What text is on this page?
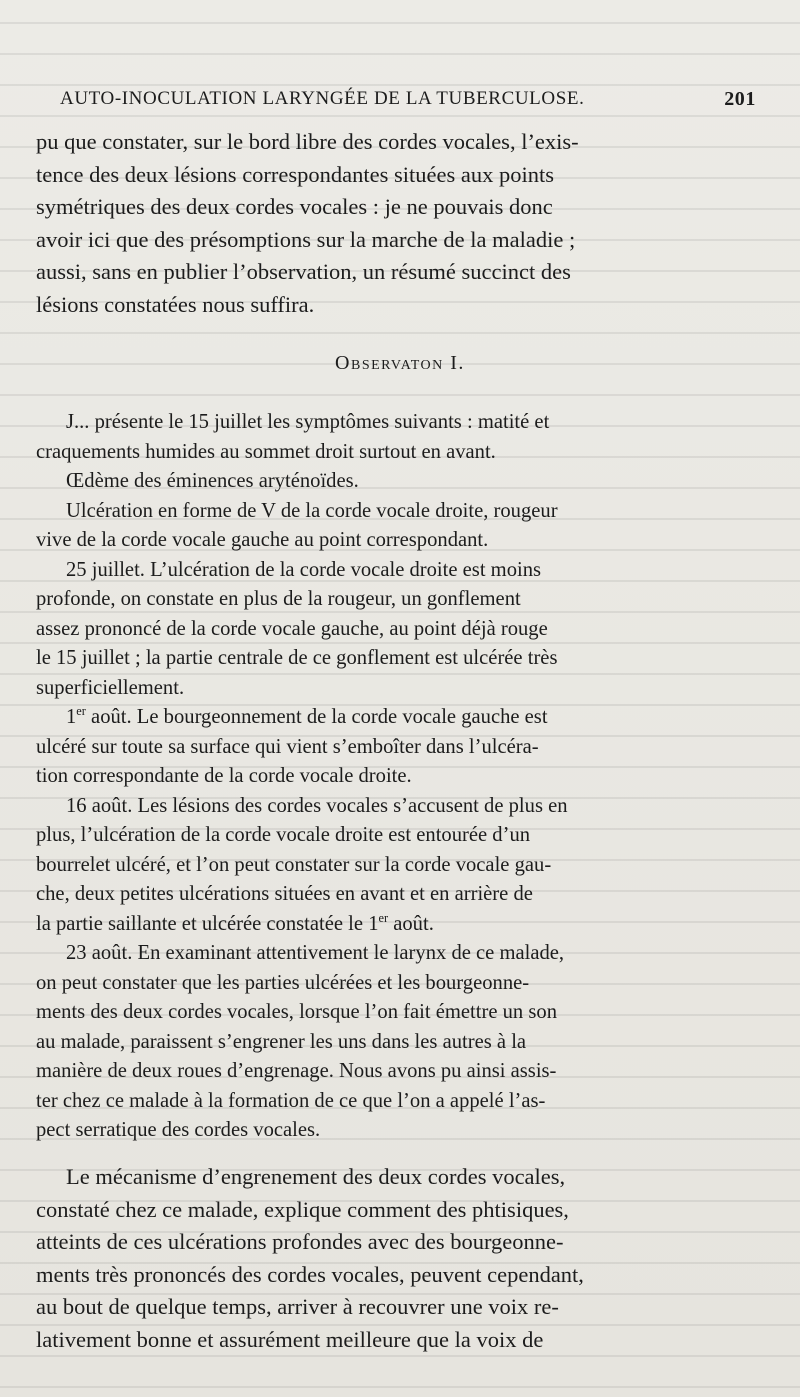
AUTO-INOCULATION LARYNGÉE DE LA TUBERCULOSE.	201
pu que constater, sur le bord libre des cordes vocales, l’exis-
tence des deux lésions correspondantes situées aux points
symétriques des deux cordes vocales : je ne pouvais donc
avoir ici que des présomptions sur la marche de la maladie ;
aussi, sans en publier l’observation, un résumé succinct des
lésions constatées nous suffira.
Observaton I.
J... présente le 15 juillet les symptômes suivants : matité et
craquements humides au sommet droit surtout en avant.
Œdème des éminences aryténoïdes.
Ulcération en forme de V de la corde vocale droite, rougeur
vive de la corde vocale gauche au point correspondant.
25 juillet. L’ulcération de la corde vocale droite est moins
profonde, on constate en plus de la rougeur, un gonflement
assez prononcé de la corde vocale gauche, au point déjà rouge
le 15 juillet ; la partie centrale de ce gonflement est ulcérée très
superficiellement.
1er août. Le bourgeonnement de la corde vocale gauche est
ulcéré sur toute sa surface qui vient s’emboîter dans l’ulcéra-
tion correspondante de la corde vocale droite.
16 août. Les lésions des cordes vocales s’accusent de plus en
plus, l’ulcération de la corde vocale droite est entourée d’un
bourrelet ulcéré, et l’on peut constater sur la corde vocale gau-
che, deux petites ulcérations situées en avant et en arrière de
la partie saillante et ulcérée constatée le 1er août.
23 août. En examinant attentivement le larynx de ce malade,
on peut constater que les parties ulcérées et les bourgeonne-
ments des deux cordes vocales, lorsque l’on fait émettre un son
au malade, paraissent s’engrener les uns dans les autres à la
manière de deux roues d’engrenage. Nous avons pu ainsi assis-
ter chez ce malade à la formation de ce que l’on a appelé l’as-
pect serratique des cordes vocales.
Le mécanisme d’engrenement des deux cordes vocales,
constaté chez ce malade, explique comment des phtisiques,
atteints de ces ulcérations profondes avec des bourgeonne-
ments très prononcés des cordes vocales, peuvent cependant,
au bout de quelque temps, arriver à recouvrer une voix re-
lativement bonne et assurément meilleure que la voix de
